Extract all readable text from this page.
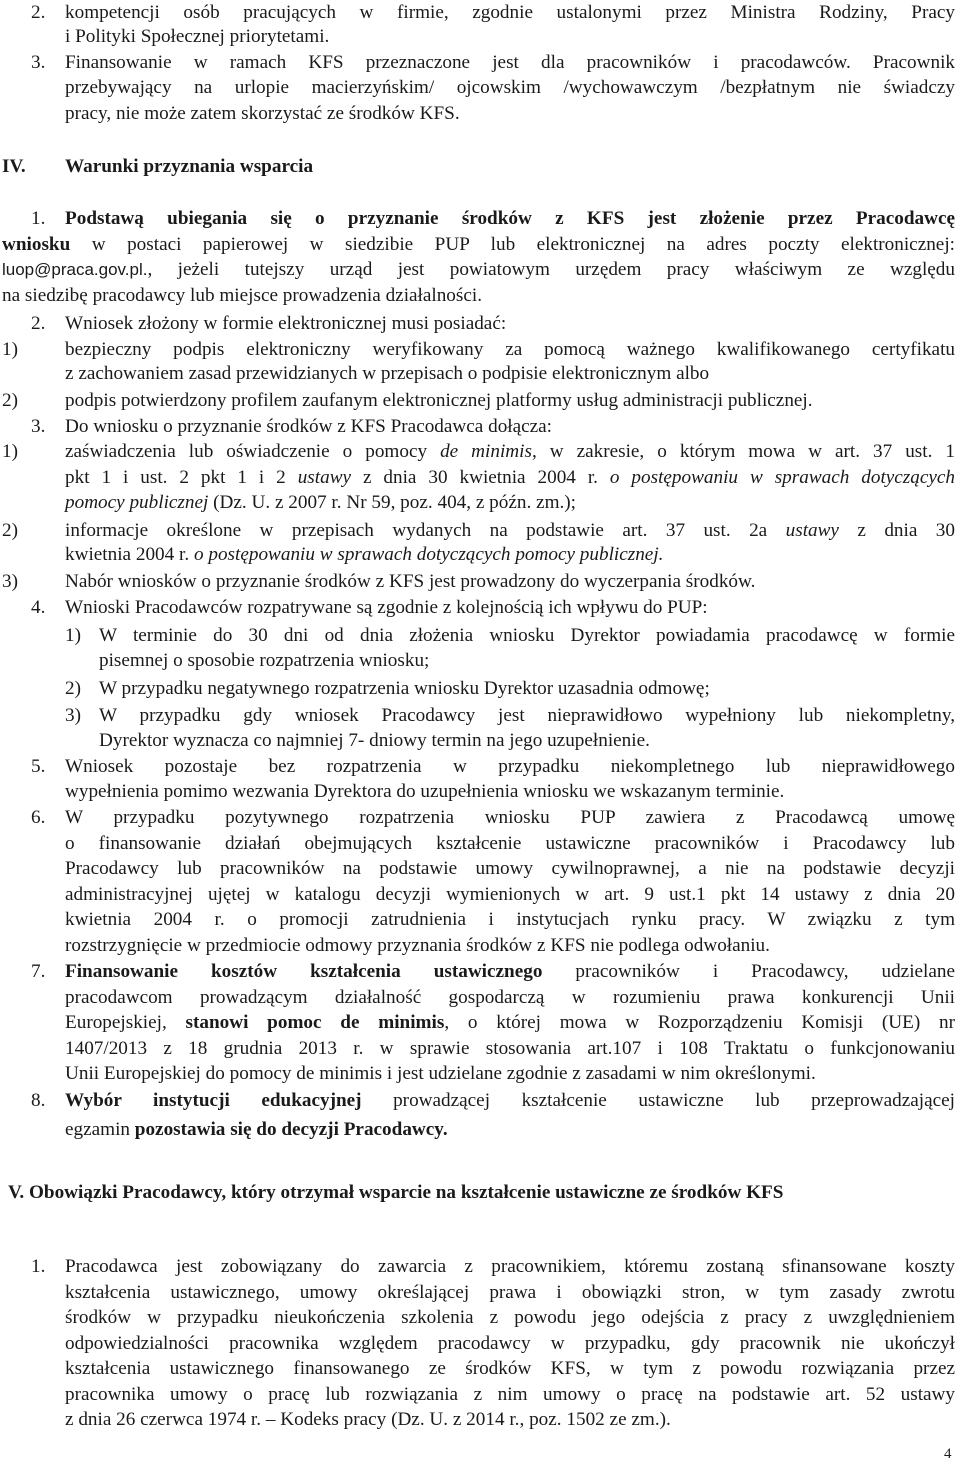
2. kompetencji osób pracujących w firmie, zgodnie ustalonymi przez Ministra Rodziny, Pracy
i Polityki Społecznej priorytetami.
3. Finansowanie w ramach KFS przeznaczone jest dla pracowników i pracodawców. Pracownik
przebywający na urlopie macierzyńskim/ ojcowskim /wychowawczym /bezpłatnym nie świadczy
pracy, nie może zatem skorzystać ze środków KFS.
IV. Warunki przyznania wsparcia
1. Podstawą ubiegania się o przyznanie środków z KFS jest złożenie przez Pracodawcę
wniosku w postaci papierowej w siedzibie PUP lub elektronicznej na adres poczty elektronicznej:
luop@praca.gov.pl., jeżeli tutejszy urząd jest powiatowym urzędem pracy właściwym ze względu
na siedzibę pracodawcy lub miejsce prowadzenia działalności.
2. Wniosek złożony w formie elektronicznej musi posiadać:
1) bezpieczny podpis elektroniczny weryfikowany za pomocą ważnego kwalifikowanego certyfikatu
z zachowaniem zasad przewidzianych w przepisach o podpisie elektronicznym albo
2) podpis potwierdzony profilem zaufanym elektronicznej platformy usług administracji publicznej.
3. Do wniosku o przyznanie środków z KFS Pracodawca dołącza:
1) zaświadczenia lub oświadczenie o pomocy de minimis, w zakresie, o którym mowa w art. 37 ust. 1
pkt 1 i ust. 2 pkt 1 i 2 ustawy z dnia 30 kwietnia 2004 r. o postępowaniu w sprawach dotyczących
pomocy publicznej (Dz. U. z 2007 r. Nr 59, poz. 404, z późn. zm.);
2) informacje określone w przepisach wydanych na podstawie art. 37 ust. 2a ustawy z dnia 30
kwietnia 2004 r. o postępowaniu w sprawach dotyczących pomocy publicznej.
3) Nabór wniosków o przyznanie środków z KFS jest prowadzony do wyczerpania środków.
4. Wnioski Pracodawców rozpatrywane są zgodnie z kolejnością ich wpływu do PUP:
1) W terminie do 30 dni od dnia złożenia wniosku Dyrektor powiadamia pracodawcę w formie
pisemnej o sposobie rozpatrzenia wniosku;
2) W przypadku negatywnego rozpatrzenia wniosku Dyrektor uzasadnia odmowę;
3) W przypadku gdy wniosek Pracodawcy jest nieprawidłowo wypełniony lub niekompletny,
Dyrektor wyznacza co najmniej 7- dniowy termin na jego uzupełnienie.
5. Wniosek pozostaje bez rozpatrzenia w przypadku niekompletnego lub nieprawidłowego
wypełnienia pomimo wezwania Dyrektora do uzupełnienia wniosku we wskazanym terminie.
6. W przypadku pozytywnego rozpatrzenia wniosku PUP zawiera z Pracodawcą umowę
o finansowanie działań obejmujących kształcenie ustawiczne pracowników i Pracodawcy lub
Pracodawcy lub pracowników na podstawie umowy cywilnoprawnej, a nie na podstawie decyzji
administracyjnej ujętej w katalogu decyzji wymienionych w art. 9 ust.1 pkt 14 ustawy z dnia 20
kwietnia 2004 r. o promocji zatrudnienia i instytucjach rynku pracy. W związku z tym
rozstrzygnięcie w przedmiocie odmowy przyznania środków z KFS nie podlega odwołaniu.
7. Finansowanie kosztów kształcenia ustawicznego pracowników i Pracodawcy, udzielane
pracodawcom prowadzącym działalność gospodarczą w rozumieniu prawa konkurencji Unii
Europejskiej, stanowi pomoc de minimis, o której mowa w Rozporządzeniu Komisji (UE) nr
1407/2013 z 18 grudnia 2013 r. w sprawie stosowania art.107 i 108 Traktatu o funkcjonowaniu
Unii Europejskiej do pomocy de minimis i jest udzielane zgodnie z zasadami w nim określonymi.
8. Wybór instytucji edukacyjnej prowadzącej kształcenie ustawiczne lub przeprowadzającej
egzamin pozostawia się do decyzji Pracodawcy.
V. Obowiązki Pracodawcy, który otrzymał wsparcie na kształcenie ustawiczne ze środków KFS
1. Pracodawca jest zobowiązany do zawarcia z pracownikiem, któremu zostaną sfinansowane koszty
kształcenia ustawicznego, umowy określającej prawa i obowiązki stron, w tym zasady zwrotu
środków w przypadku nieukończenia szkolenia z powodu jego odejścia z pracy z uwzględnieniem
odpowiedzialności pracownika względem pracodawcy w przypadku, gdy pracownik nie ukończył
kształcenia ustawicznego finansowanego ze środków KFS, w tym z powodu rozwiązania przez
pracownika umowy o pracę lub rozwiązania z nim umowy o pracę na podstawie art. 52 ustawy
z dnia 26 czerwca 1974 r. – Kodeks pracy (Dz. U. z 2014 r., poz. 1502 ze zm.).
4
